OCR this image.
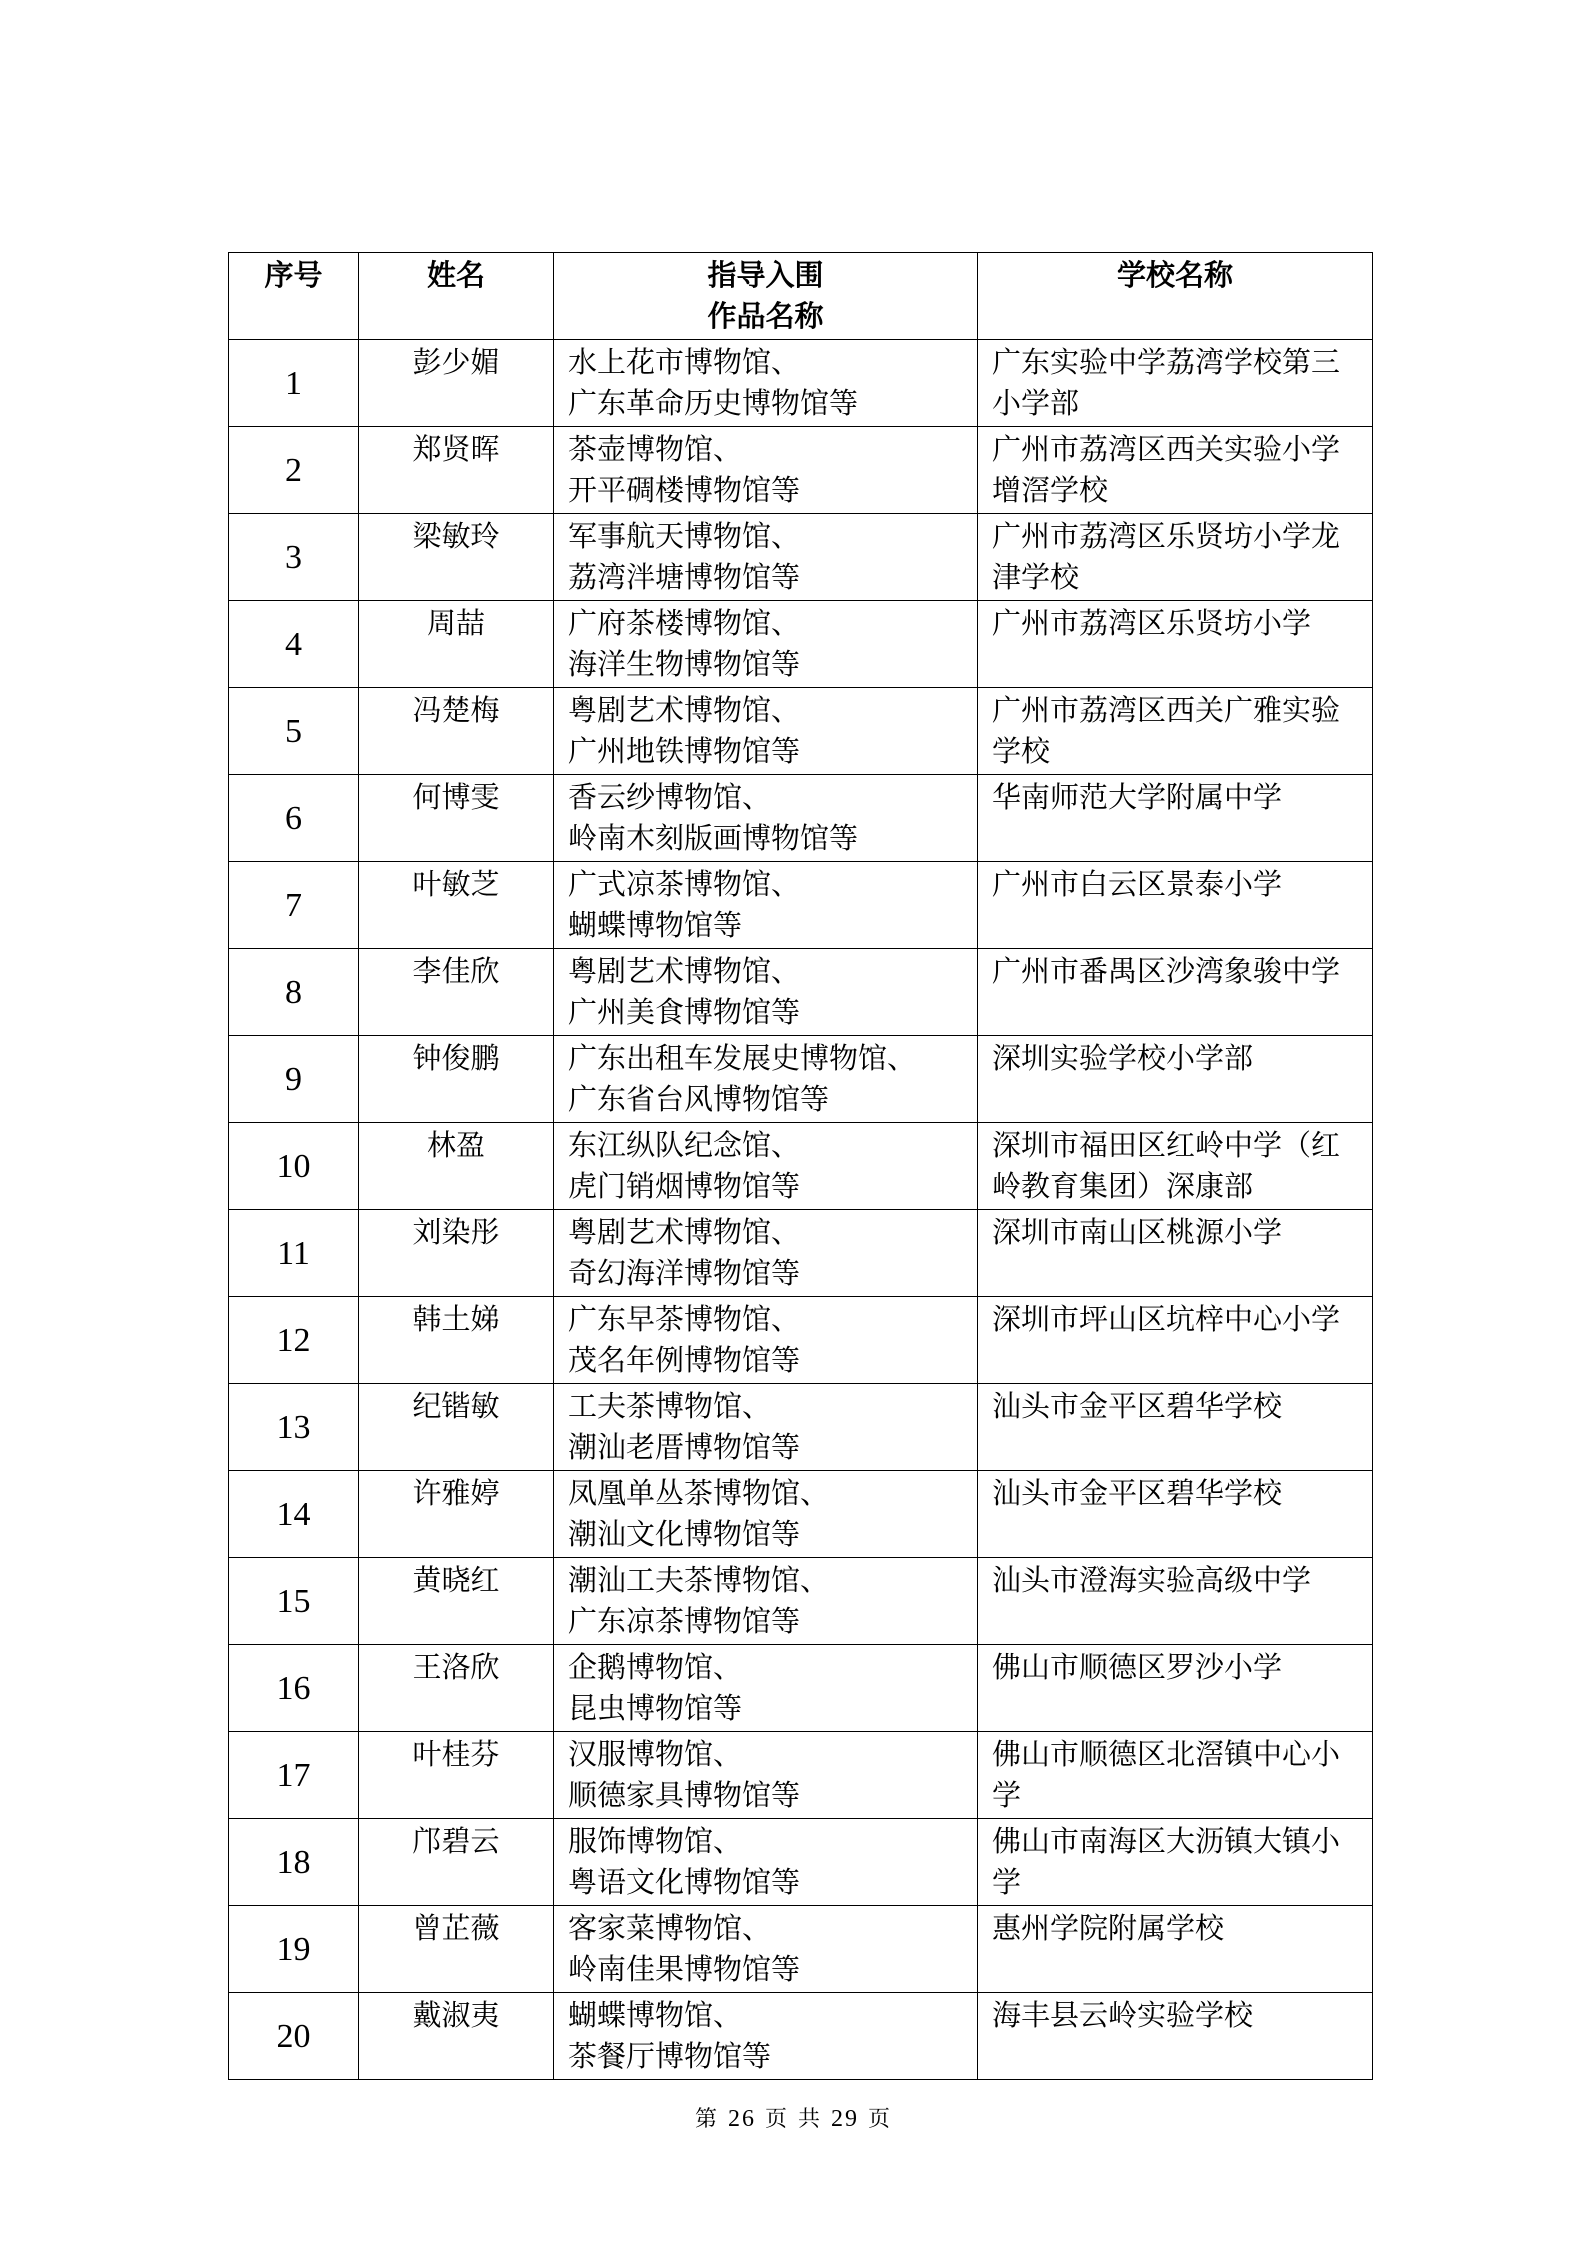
序号	姓名	指导入围
作品名称	学校名称

1	彭少媚	水上花市博物馆、
广东革命历史博物馆等	广东实验中学荔湾学校第三小学部

2	郑贤晖	茶壶博物馆、
开平碉楼博物馆等	广州市荔湾区西关实验小学增滘学校

3	梁敏玲	军事航天博物馆、
荔湾泮塘博物馆等	广州市荔湾区乐贤坊小学龙津学校

4	周喆	广府茶楼博物馆、
海洋生物博物馆等	广州市荔湾区乐贤坊小学

5	冯楚梅	粤剧艺术博物馆、
广州地铁博物馆等	广州市荔湾区西关广雅实验学校

6	何博雯	香云纱博物馆、
岭南木刻版画博物馆等	华南师范大学附属中学

7	叶敏芝	广式凉茶博物馆、
蝴蝶博物馆等	广州市白云区景泰小学

8	李佳欣	粤剧艺术博物馆、
广州美食博物馆等	广州市番禺区沙湾象骏中学

9	钟俊鹏	广东出租车发展史博物馆、
广东省台风博物馆等	深圳实验学校小学部

10	林盈	东江纵队纪念馆、
虎门销烟博物馆等	深圳市福田区红岭中学（红岭教育集团）深康部

11	刘染彤	粤剧艺术博物馆、
奇幻海洋博物馆等	深圳市南山区桃源小学

12	韩土娣	广东早茶博物馆、
茂名年例博物馆等	深圳市坪山区坑梓中心小学

13	纪锴敏	工夫茶博物馆、
潮汕老厝博物馆等	汕头市金平区碧华学校

14	许雅婷	凤凰单丛茶博物馆、
潮汕文化博物馆等	汕头市金平区碧华学校

15	黄晓红	潮汕工夫茶博物馆、
广东凉茶博物馆等	汕头市澄海实验高级中学

16	王洛欣	企鹅博物馆、
昆虫博物馆等	佛山市顺德区罗沙小学

17	叶桂芬	汉服博物馆、
顺德家具博物馆等	佛山市顺德区北滘镇中心小学

18	邝碧云	服饰博物馆、
粤语文化博物馆等	佛山市南海区大沥镇大镇小学

19	曾芷薇	客家菜博物馆、
岭南佳果博物馆等	惠州学院附属学校

20	戴淑夷	蝴蝶博物馆、
茶餐厅博物馆等	海丰县云岭实验学校
第 26 页 共 29 页
